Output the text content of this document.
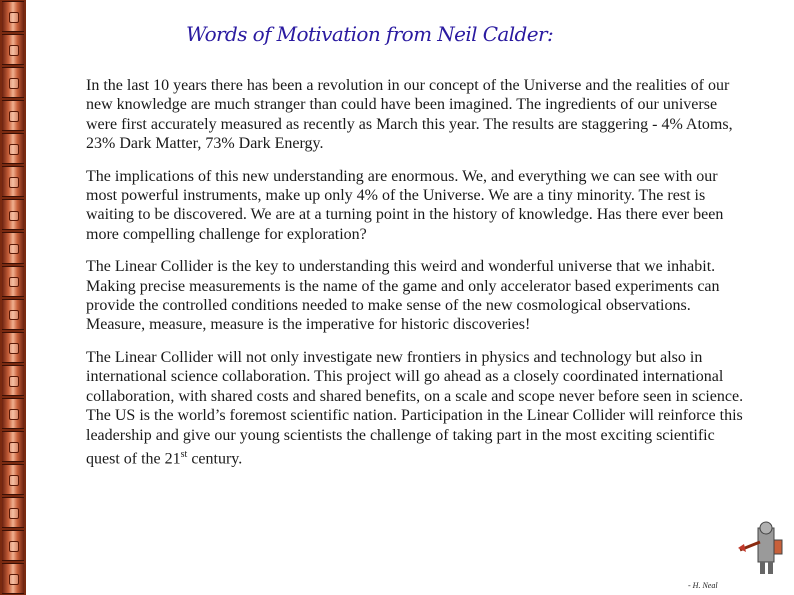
Words of Motivation from Neil Calder:

In the last 10 years there has been a revolution in our concept of the Universe and the realities of our new knowledge are much stranger than could have been imagined. The ingredients of our universe were first accurately measured as recently as March this year. The results are staggering - 4% Atoms, 23% Dark Matter, 73% Dark Energy.

The implications of this new understanding are enormous. We, and everything we can see with our most powerful instruments, make up only 4% of the Universe. We are a tiny minority. The rest is waiting to be discovered. We are at a turning point in the history of knowledge. Has there ever been more compelling challenge for exploration?

The Linear Collider is the key to understanding this weird and wonderful universe that we inhabit. Making precise measurements is the name of the game and only accelerator based experiments can provide the controlled conditions needed to make sense of the new cosmological observations. Measure, measure, measure is the imperative for historic discoveries!

The Linear Collider will not only investigate new frontiers in physics and technology but also in international science collaboration. This project will go ahead as a closely coordinated international collaboration, with shared costs and shared benefits, on a scale and scope never before seen in science. The US is the world’s foremost scientific nation. Participation in the Linear Collider will reinforce this leadership and give our young scientists the challenge of taking part in the most exciting scientific quest of the 21st century.

- H. Neal
